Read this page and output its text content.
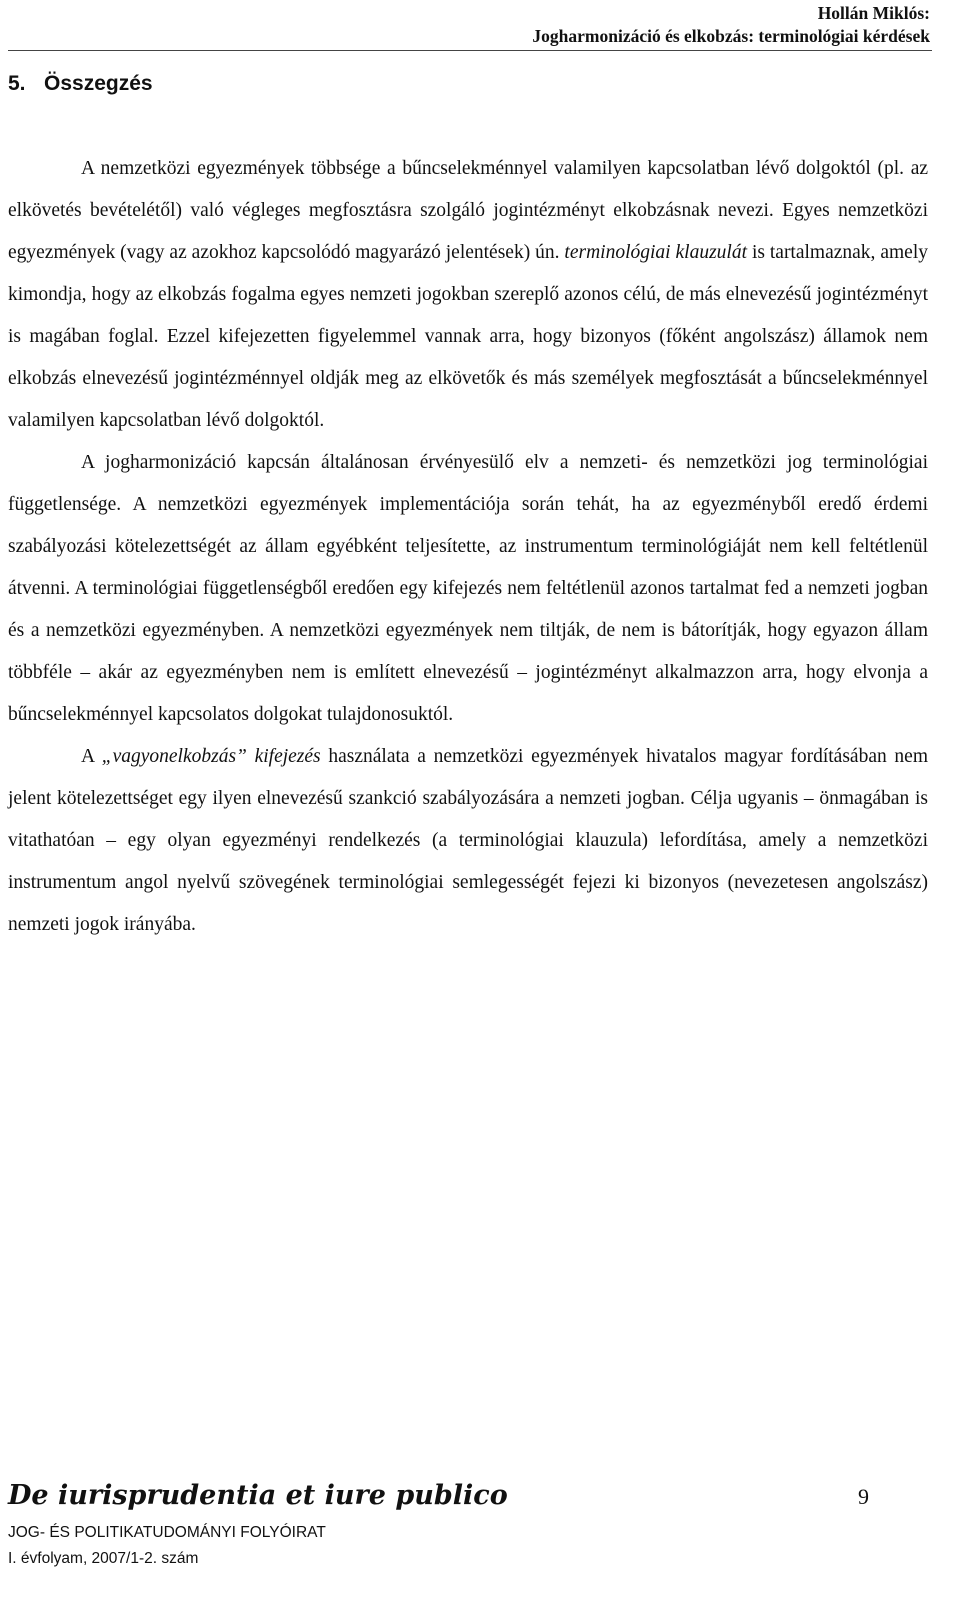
Hollán Miklós:
Jogharmonizáció és elkobzás: terminológiai kérdések
5. Összegzés

A nemzetközi egyezmények többsége a bűncselekménnyel valamilyen kapcsolatban lévő dolgoktól (pl. az elkövetés bevételétől) való végleges megfosztásra szolgáló jogintézményt elkobzásnak nevezi. Egyes nemzetközi egyezmények (vagy az azokhoz kapcsolódó magyarázó jelentések) ún. terminológiai klauzulát is tartalmaznak, amely kimondja, hogy az elkobzás fogalma egyes nemzeti jogokban szereplő azonos célú, de más elnevezésű jogintézményt is magában foglal. Ezzel kifejezetten figyelemmel vannak arra, hogy bizonyos (főként angolszász) államok nem elkobzás elnevezésű jogintézménnyel oldják meg az elkövetők és más személyek megfosztását a bűncselekménnyel valamilyen kapcsolatban lévő dolgoktól.

A jogharmonizáció kapcsán általánosan érvényesülő elv a nemzeti- és nemzetközi jog terminológiai függetlensége. A nemzetközi egyezmények implementációja során tehát, ha az egyezményből eredő érdemi szabályozási kötelezettségét az állam egyébként teljesítette, az instrumentum terminológiáját nem kell feltétlenül átvenni. A terminológiai függetlenségből eredően egy kifejezés nem feltétlenül azonos tartalmat fed a nemzeti jogban és a nemzetközi egyezményben. A nemzetközi egyezmények nem tiltják, de nem is bátorítják, hogy egyazon állam többféle – akár az egyezményben nem is említett elnevezésű – jogintézményt alkalmazzon arra, hogy elvonja a bűncselekménnyel kapcsolatos dolgokat tulajdonosuktól.

A „vagyonelkobzás” kifejezés használata a nemzetközi egyezmények hivatalos magyar fordításában nem jelent kötelezettséget egy ilyen elnevezésű szankció szabályozására a nemzeti jogban. Célja ugyanis – önmagában is vitathatóan – egy olyan egyezményi rendelkezés (a terminológiai klauzula) lefordítása, amely a nemzetközi instrumentum angol nyelvű szövegének terminológiai semlegességét fejezi ki bizonyos (nevezetesen angolszász) nemzeti jogok irányába.

De iurisprudentia et iure publico	9
JOG- ÉS POLITIKATUDOMÁNYI FOLYÓIRAT
I. évfolyam, 2007/1-2. szám
